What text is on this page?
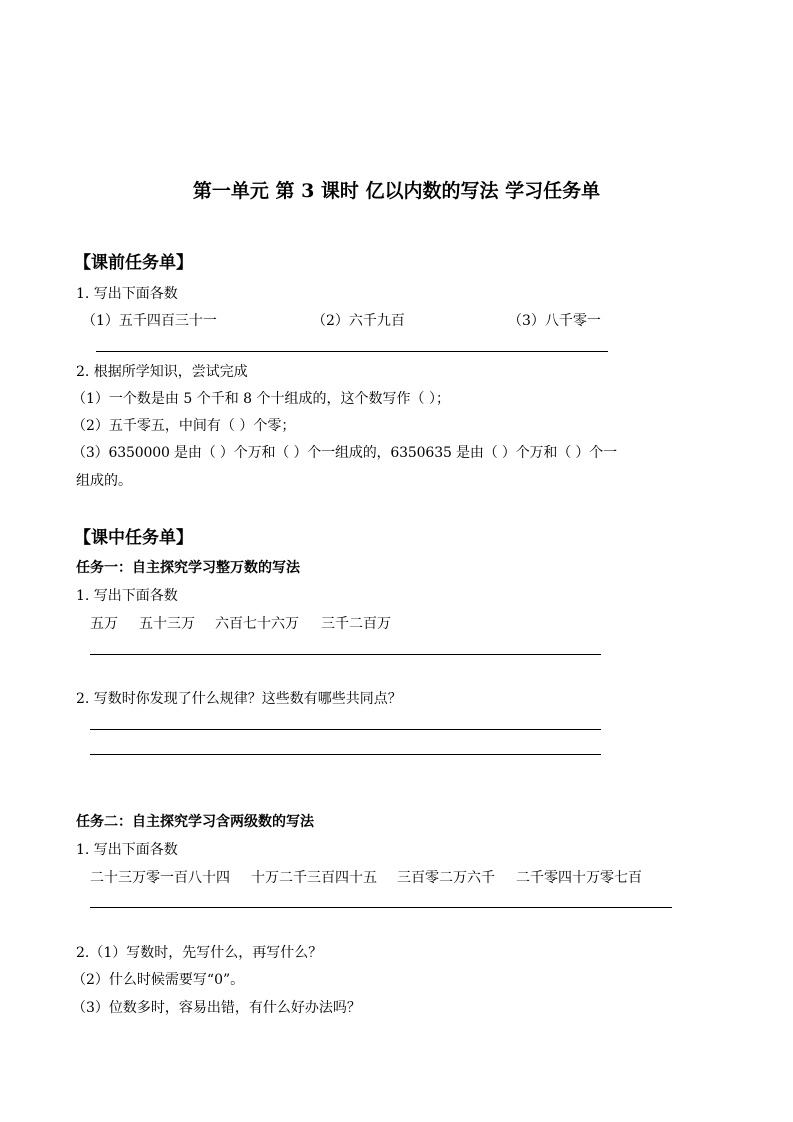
第一单元 第 3 课时 亿以内数的写法 学习任务单
【课前任务单】
1. 写出下面各数
（1）五千四百三十一	（2）六千九百	（3）八千零一
2. 根据所学知识，尝试完成
（1）一个数是由 5 个千和 8 个十组成的，这个数写作（ ）；
（2）五千零五，中间有（ ）个零；
（3）6350000 是由（ ）个万和（ ）个一组成的，6350635 是由（ ）个万和（ ）个一
组成的。
【课中任务单】
任务一：自主探究学习整万数的写法
1. 写出下面各数
五万 五十三万 六百七十六万 三千二百万
2. 写数时你发现了什么规律？这些数有哪些共同点？
任务二：自主探究学习含两级数的写法
1. 写出下面各数
二十三万零一百八十四 十万二千三百四十五 三百零二万六千 二千零四十万零七百
2.（1）写数时，先写什么，再写什么？
（2）什么时候需要写“0”。
（3）位数多时，容易出错，有什么好办法吗？
